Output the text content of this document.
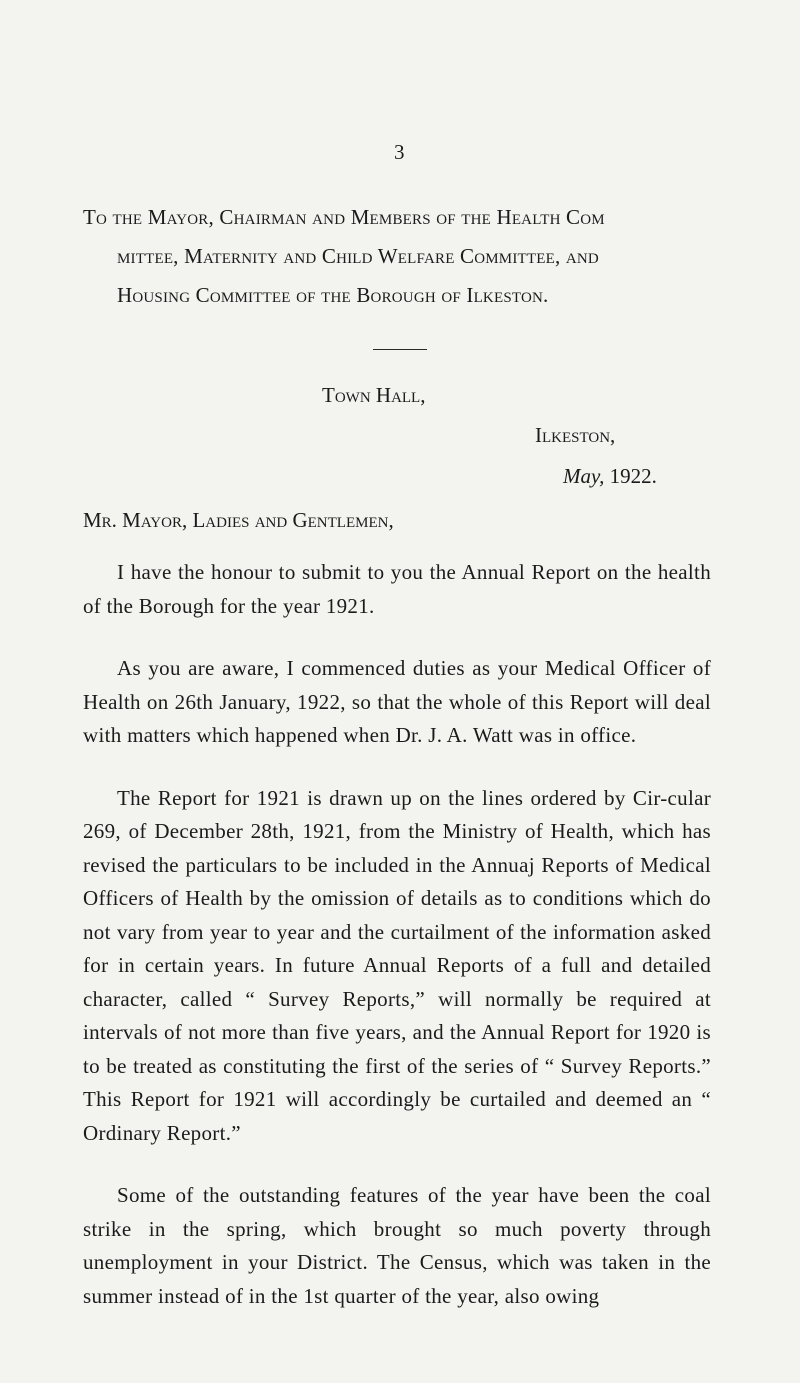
3
To the Mayor, Chairman and Members of the Health Com
mittee, Maternity and Child Welfare Committee, and
Housing Committee of the Borough of Ilkeston.
Town Hall,
Ilkeston,
May, 1922.
Mr. Mayor, Ladies and Gentlemen,

I have the honour to submit to you the Annual Report on the health of the Borough for the year 1921.

As you are aware, I commenced duties as your Medical Officer of Health on 26th January, 1922, so that the whole of this Report will deal with matters which happened when Dr. J. A. Watt was in office.

The Report for 1921 is drawn up on the lines ordered by Cir-cular 269, of December 28th, 1921, from the Ministry of Health, which has revised the particulars to be included in the Annuaj Reports of Medical Officers of Health by the omission of details as to conditions which do not vary from year to year and the curtailment of the information asked for in certain years. In future Annual Reports of a full and detailed character, called “ Survey Reports,” will normally be required at intervals of not more than five years, and the Annual Report for 1920 is to be treated as constituting the first of the series of “ Survey Reports.” This Report for 1921 will accordingly be curtailed and deemed an “ Ordinary Report.”

Some of the outstanding features of the year have been the coal strike in the spring, which brought so much poverty through unemployment in your District. The Census, which was taken in the summer instead of in the 1st quarter of the year, also owing
